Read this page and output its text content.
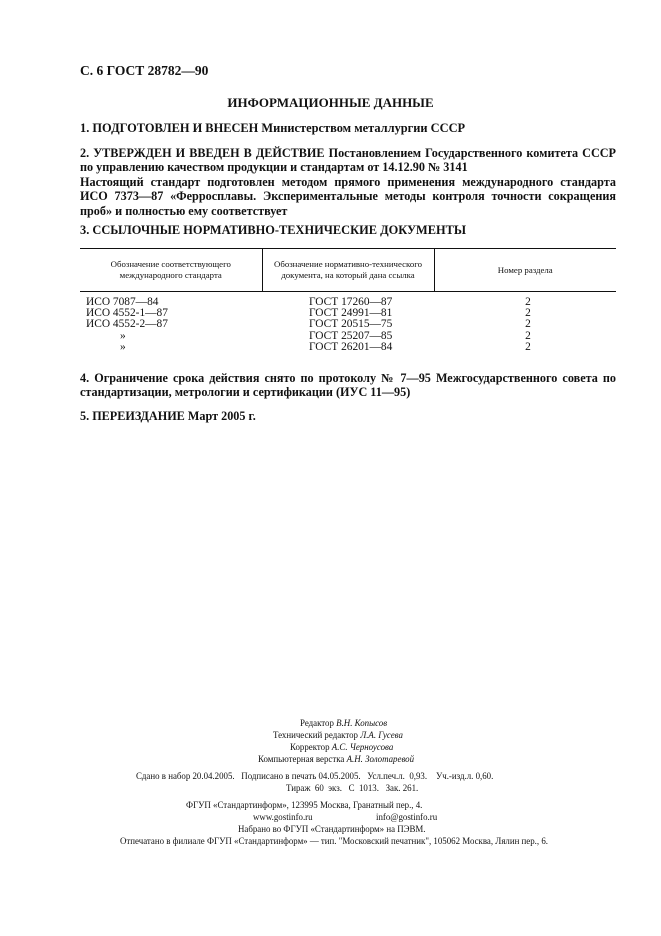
С. 6 ГОСТ 28782—90
ИНФОРМАЦИОННЫЕ ДАННЫЕ
1. ПОДГОТОВЛЕН И ВНЕСЕН Министерством металлургии СССР

2. УТВЕРЖДЕН И ВВЕДЕН В ДЕЙСТВИЕ Постановлением Государственного комитета СССР по управлению качеством продукции и стандартам от 14.12.90 № 3141

Настоящий стандарт подготовлен методом прямого применения международного стандарта ИСО 7373—87 «Ферросплавы. Экспериментальные методы контроля точности сокращения проб» и полностью ему соответствует

3. ССЫЛОЧНЫЕ НОРМАТИВНО-ТЕХНИЧЕСКИЕ ДОКУМЕНТЫ
Обозначение соответствующего международного стандарта	Обозначение нормативно-технического документа, на который дана ссылка	Номер раздела
ИСО 7087—84	ГОСТ 17260—87	2
ИСО 4552-1—87	ГОСТ 24991—81	2
ИСО 4552-2—87	ГОСТ 20515—75	2
»	ГОСТ 25207—85	2
»	ГОСТ 26201—84	2
4. Ограничение срока действия снято по протоколу № 7—95 Межгосударственного совета по стандартизации, метрологии и сертификации (ИУС 11—95)
5. ПЕРЕИЗДАНИЕ Март 2005 г.
Редактор В.Н. Копысов
Технический редактор Л.А. Гусева
Корректор А.С. Черноусова
Компьютерная верстка А.Н. Золотаревой
Сдано в набор 20.04.2005.   Подписано в печать 04.05.2005.   Усл.печ.л.  0,93.    Уч.-изд.л. 0,60.
Тираж  60  экз.   С  1013.   Зак. 261.
ФГУП «Стандартинформ», 123995 Москва, Гранатный пер., 4.
www.gostinfo.ru	info@gostinfo.ru
Набрано во ФГУП «Стандартинформ» на ПЭВМ.
Отпечатано в филиале ФГУП «Стандартинформ» — тип. "Московский печатник", 105062 Москва, Лялин пер., 6.
